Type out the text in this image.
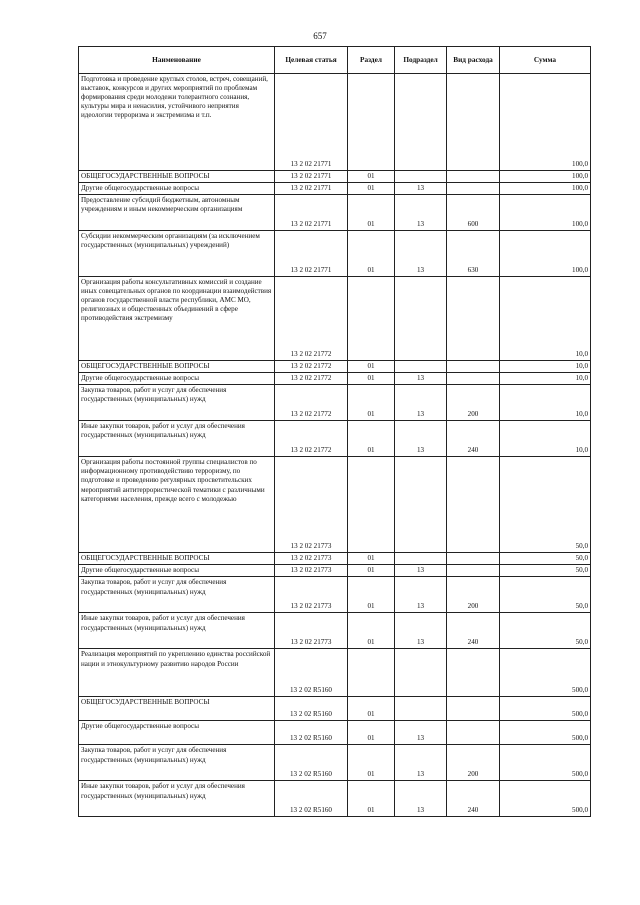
657
Наименование	Целевая статья	Раздел	Подраздел	Вид расхода	Сумма
Подготовка и проведение круглых столов, встреч, совещаний, выставок, конкурсов и других мероприятий по проблемам формирования среди молодежи толерантного сознания, культуры мира и ненасилия, устойчивого неприятия идеологии терроризма и экстремизма и т.п.	13 2 02 21771				100,0
ОБЩЕГОСУДАРСТВЕННЫЕ ВОПРОСЫ	13 2 02 21771	01			100,0
Другие общегосударственные вопросы	13 2 02 21771	01	13		100,0
Предоставление субсидий бюджетным, автономным учреждениям и иным некоммерческим организациям	13 2 02 21771	01	13	600	100,0
Субсидии некоммерческим организациям (за исключением государственных (муниципальных) учреждений)	13 2 02 21771	01	13	630	100,0
Организация работы консультативных комиссий и создание иных совещательных органов по координации взаимодействия органов государственной власти республики, АМС МО, религиозных и общественных объединений в сфере противодействия экстремизму	13 2 02 21772				10,0
ОБЩЕГОСУДАРСТВЕННЫЕ ВОПРОСЫ	13 2 02 21772	01			10,0
Другие общегосударственные вопросы	13 2 02 21772	01	13		10,0
Закупка товаров, работ и услуг для обеспечения государственных (муниципальных) нужд	13 2 02 21772	01	13	200	10,0
Иные закупки товаров, работ и услуг для обеспечения государственных (муниципальных) нужд	13 2 02 21772	01	13	240	10,0
Организация работы постоянной группы специалистов по информационному противодействию терроризму, по подготовке и проведению регулярных просветительских мероприятий антитеррористической тематики с различными категориями населения, прежде всего с молодежью	13 2 02 21773				50,0
ОБЩЕГОСУДАРСТВЕННЫЕ ВОПРОСЫ	13 2 02 21773	01			50,0
Другие общегосударственные вопросы	13 2 02 21773	01	13		50,0
Закупка товаров, работ и услуг для обеспечения государственных (муниципальных) нужд	13 2 02 21773	01	13	200	50,0
Иные закупки товаров, работ и услуг для обеспечения государственных (муниципальных) нужд	13 2 02 21773	01	13	240	50,0
Реализация мероприятий по укреплению единства российской нации и этнокультурному развитию народов России	13 2 02 R5160				500,0
ОБЩЕГОСУДАРСТВЕННЫЕ ВОПРОСЫ	13 2 02 R5160	01			500,0
Другие общегосударственные вопросы	13 2 02 R5160	01	13		500,0
Закупка товаров, работ и услуг для обеспечения государственных (муниципальных) нужд	13 2 02 R5160	01	13	200	500,0
Иные закупки товаров, работ и услуг для обеспечения государственных (муниципальных) нужд	13 2 02 R5160	01	13	240	500,0
